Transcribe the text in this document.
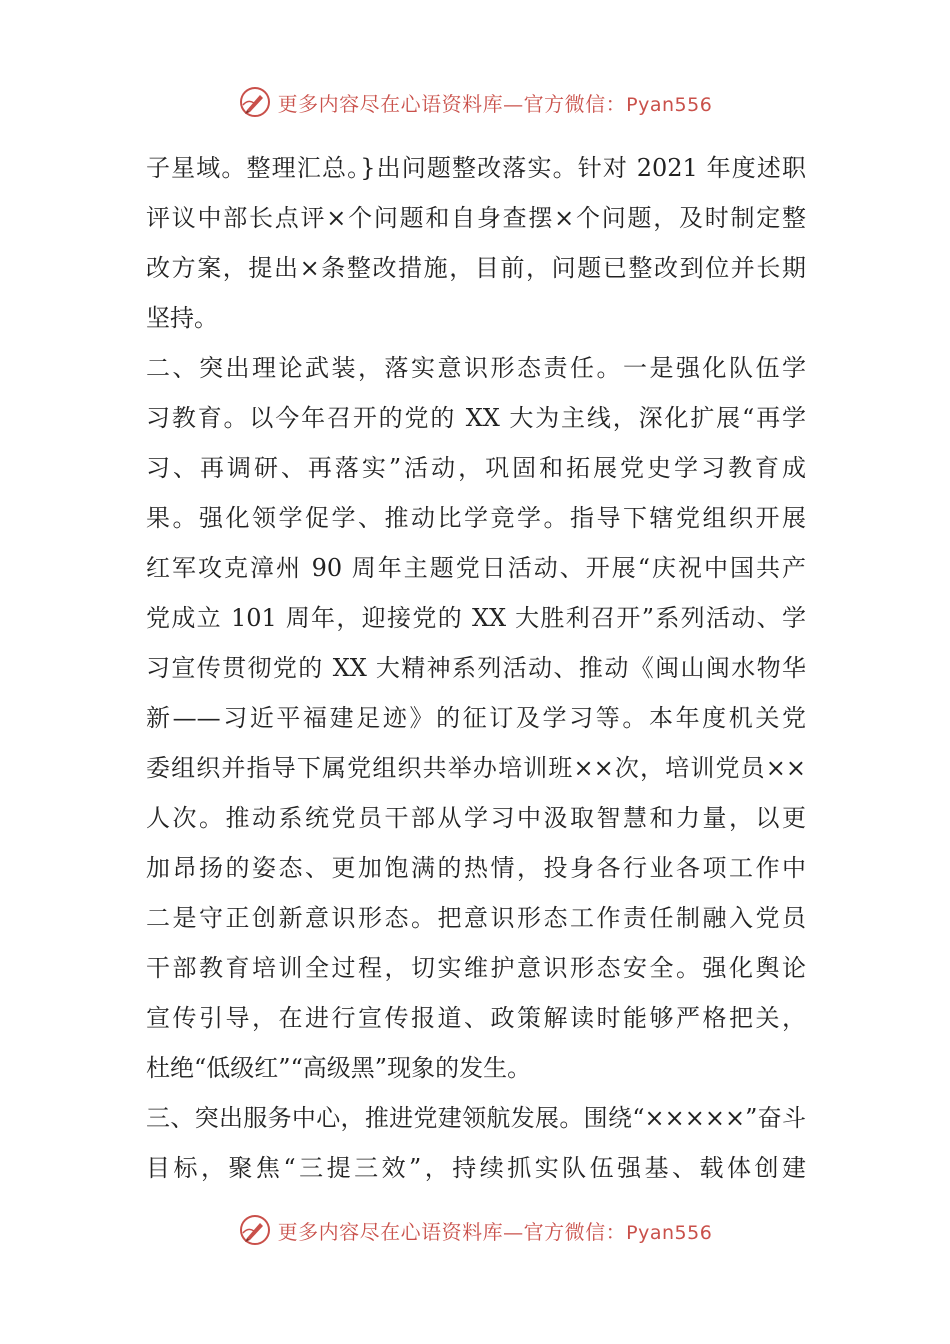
更多内容尽在心语资料库—官方微信：Pyan556
子星域。整理汇总。}出问题整改落实。针对 2021 年度述职
评议中部长点评×个问题和自身查摆×个问题，及时制定整
改方案，提出×条整改措施，目前，问题已整改到位并长期
坚持。
二、突出理论武装，落实意识形态责任。一是强化队伍学
习教育。以今年召开的党的 XX 大为主线，深化扩展“再学
习、再调研、再落实”活动，巩固和拓展党史学习教育成
果。强化领学促学、推动比学竞学。指导下辖党组织开展
红军攻克漳州 90 周年主题党日活动、开展“庆祝中国共产
党成立 101 周年，迎接党的 XX 大胜利召开”系列活动、学
习宣传贯彻党的 XX 大精神系列活动、推动《闽山闽水物华
新——习近平福建足迹》的征订及学习等。本年度机关党
委组织并指导下属党组织共举办培训班××次，培训党员××
人次。推动系统党员干部从学习中汲取智慧和力量，以更
加昂扬的姿态、更加饱满的热情，投身各行业各项工作中
二是守正创新意识形态。把意识形态工作责任制融入党员
干部教育培训全过程，切实维护意识形态安全。强化舆论
宣传引导，在进行宣传报道、政策解读时能够严格把关，
杜绝“低级红”“高级黑”现象的发生。
三、突出服务中心，推进党建领航发展。围绕“×××××”奋斗
目标，聚焦“三提三效”，持续抓实队伍强基、载体创建
更多内容尽在心语资料库—官方微信：Pyan556
